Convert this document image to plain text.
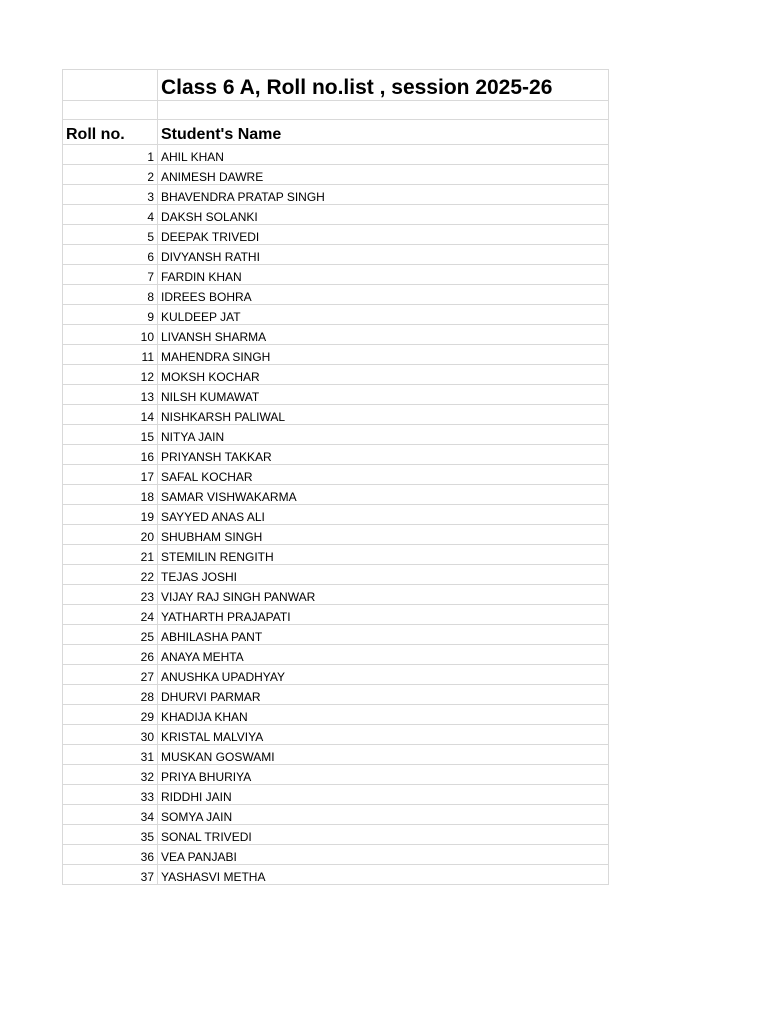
	Class 6 A, Roll no.list , session 2025-26

Roll no.	Student's Name
1	AHIL KHAN
2	ANIMESH DAWRE
3	BHAVENDRA PRATAP SINGH
4	DAKSH SOLANKI
5	DEEPAK TRIVEDI
6	DIVYANSH RATHI
7	FARDIN KHAN
8	IDREES BOHRA
9	KULDEEP JAT
10	LIVANSH SHARMA
11	MAHENDRA SINGH
12	MOKSH KOCHAR
13	NILSH KUMAWAT
14	NISHKARSH PALIWAL
15	NITYA JAIN
16	PRIYANSH TAKKAR
17	SAFAL KOCHAR
18	SAMAR VISHWAKARMA
19	SAYYED ANAS ALI
20	SHUBHAM SINGH
21	STEMILIN RENGITH
22	TEJAS JOSHI
23	VIJAY RAJ SINGH PANWAR
24	YATHARTH PRAJAPATI
25	ABHILASHA PANT
26	ANAYA MEHTA
27	ANUSHKA UPADHYAY
28	DHURVI PARMAR
29	KHADIJA KHAN
30	KRISTAL MALVIYA
31	MUSKAN GOSWAMI
32	PRIYA BHURIYA
33	RIDDHI JAIN
34	SOMYA JAIN
35	SONAL TRIVEDI
36	VEA PANJABI
37	YASHASVI METHA
